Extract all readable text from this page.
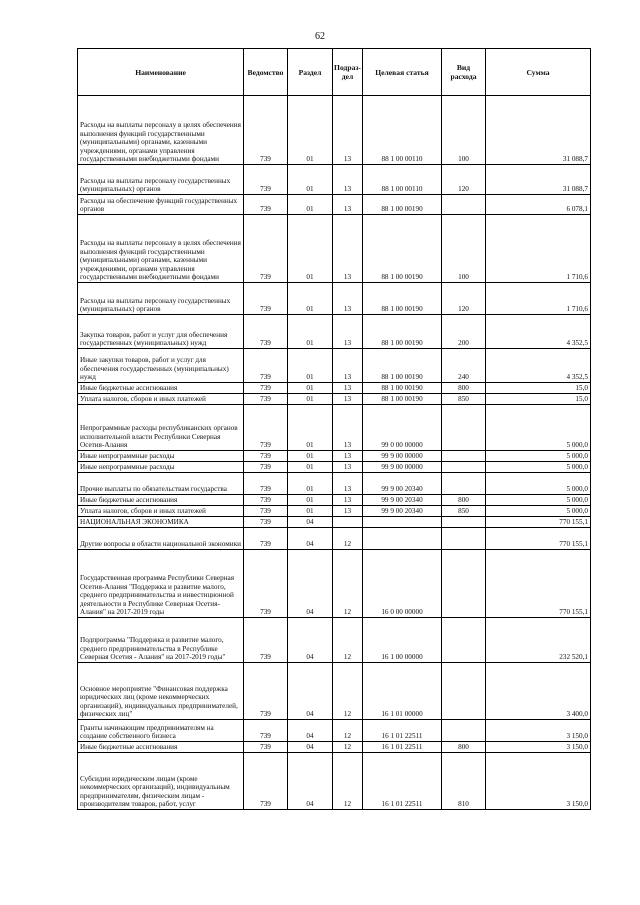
62
Наименование	Ведомство	Раздел	Подраз-дел	Целевая статья	Вид расхода	Сумма
Расходы на выплаты персоналу в целях обеспечения выполнения функций государственными (муниципальными) органами, казенными учреждениями, органами управления государственными внебюджетными фондами	739	01	13	88 1 00 00110	100	31 088,7
Расходы на выплаты персоналу государственных (муниципальных) органов	739	01	13	88 1 00 00110	120	31 088,7
Расходы на обеспечение функций государственных органов	739	01	13	88 1 00 00190		6 078,1
Расходы на выплаты персоналу в целях обеспечения выполнения функций государственными (муниципальными) органами, казенными учреждениями, органами управления государственными внебюджетными фондами	739	01	13	88 1 00 00190	100	1 710,6
Расходы на выплаты персоналу государственных (муниципальных) органов	739	01	13	88 1 00 00190	120	1 710,6
Закупка товаров, работ и услуг для обеспечения государственных (муниципальных) нужд	739	01	13	88 1 00 00190	200	4 352,5
Иные закупки товаров, работ и услуг для обеспечения государственных (муниципальных) нужд	739	01	13	88 1 00 00190	240	4 352,5
Иные бюджетные ассигнования	739	01	13	88 1 00 00190	800	15,0
Уплата налогов, сборов и иных платежей	739	01	13	88 1 00 00190	850	15,0
Непрограммные расходы республиканских органов исполнительной власти Республики Северная Осетия-Алания	739	01	13	99 0 00 00000		5 000,0
Иные непрограммные расходы	739	01	13	99 9 00 00000		5 000,0
Иные непрограммные расходы	739	01	13	99 9 00 00000		5 000,0
Прочие выплаты по обязательствам государства	739	01	13	99 9 00 20340		5 000,0
Иные бюджетные ассигнования	739	01	13	99 9 00 20340	800	5 000,0
Уплата налогов, сборов и иных платежей	739	01	13	99 9 00 20340	850	5 000,0
НАЦИОНАЛЬНАЯ ЭКОНОМИКА	739	04				770 155,1
Другие вопросы в области национальной экономики	739	04	12			770 155,1
Государственная программа Республики Северная Осетия-Алания "Поддержка и развитие малого, среднего предпринимательства и инвестиционной деятельности в Республике Северная Осетия-Алания" на 2017-2019 годы	739	04	12	16 0 00 00000		770 155,1
Подпрограмма "Поддержка и развитие малого, среднего предпринимательства в Республике Северная Осетия - Алания" на 2017-2019 годы"	739	04	12	16 1 00 00000		232 520,1
Основное мероприятие "Финансовая поддержка юридических лиц (кроме некоммерческих организаций), индивидуальных предпринимателей, физических лиц"	739	04	12	16 1 01 00000		3 400,0
Гранты начинающим предпринимателям на создание собственного бизнеса	739	04	12	16 1 01 22511		3 150,0
Иные бюджетные ассигнования	739	04	12	16 1 01 22511	800	3 150,0
Субсидии юридическим лицам (кроме некоммерческих организаций), индивидуальным предпринимателям, физическим лицам - производителям товаров, работ, услуг	739	04	12	16 1 01 22511	810	3 150,0
